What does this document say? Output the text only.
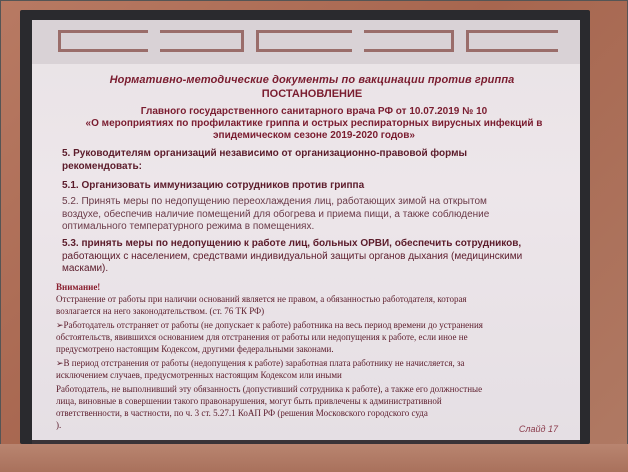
Нормативно-методические документы по вакцинации против гриппа
ПОСТАНОВЛЕНИЕ
Главного государственного санитарного врача РФ от 10.07.2019 № 10
«О мероприятиях по профилактике гриппа и острых респираторных вирусных инфекций в
эпидемическом сезоне 2019-2020 годов»
5. Руководителям организаций независимо от организационно-правовой формы
рекомендовать:
5.1. Организовать иммунизацию сотрудников против гриппа
5.2. Принять меры по недопущению переохлаждения лиц, работающих зимой на открытом
воздухе, обеспечив наличие помещений для обогрева и приема пищи, а также соблюдение
оптимального температурного режима в помещениях.
5.3. принять меры по недопущению к работе лиц, больных ОРВИ, обеспечить сотрудников,
работающих с населением, средствами индивидуальной защиты органов дыхания (медицинскими
масками).
Внимание!
Отстранение от работы при наличии оснований является не правом, а обязанностью работодателя, которая
возлагается на него законодательством. (ст. 76 ТК РФ)
➢Работодатель отстраняет от работы (не допускает к работе) работника на весь период времени до устранения
обстоятельств, явившихся основанием для отстранения от работы или недопущения к работе, если иное не
предусмотрено настоящим Кодексом, другими федеральными законами.
➢В период отстранения от работы (недопущения к работе) заработная плата работнику не начисляется, за
исключением случаев, предусмотренных настоящим Кодексом или иными
Работодатель, не выполнивший эту обязанность (допустивший сотрудника к работе), а также его должностные
лица, виновные в совершении такого правонарушения, могут быть привлечены к административной
ответственности, в частности, по ч. 3 ст. 5.27.1 КоАП РФ (решения Московского городского суда
).	Слайд 17
